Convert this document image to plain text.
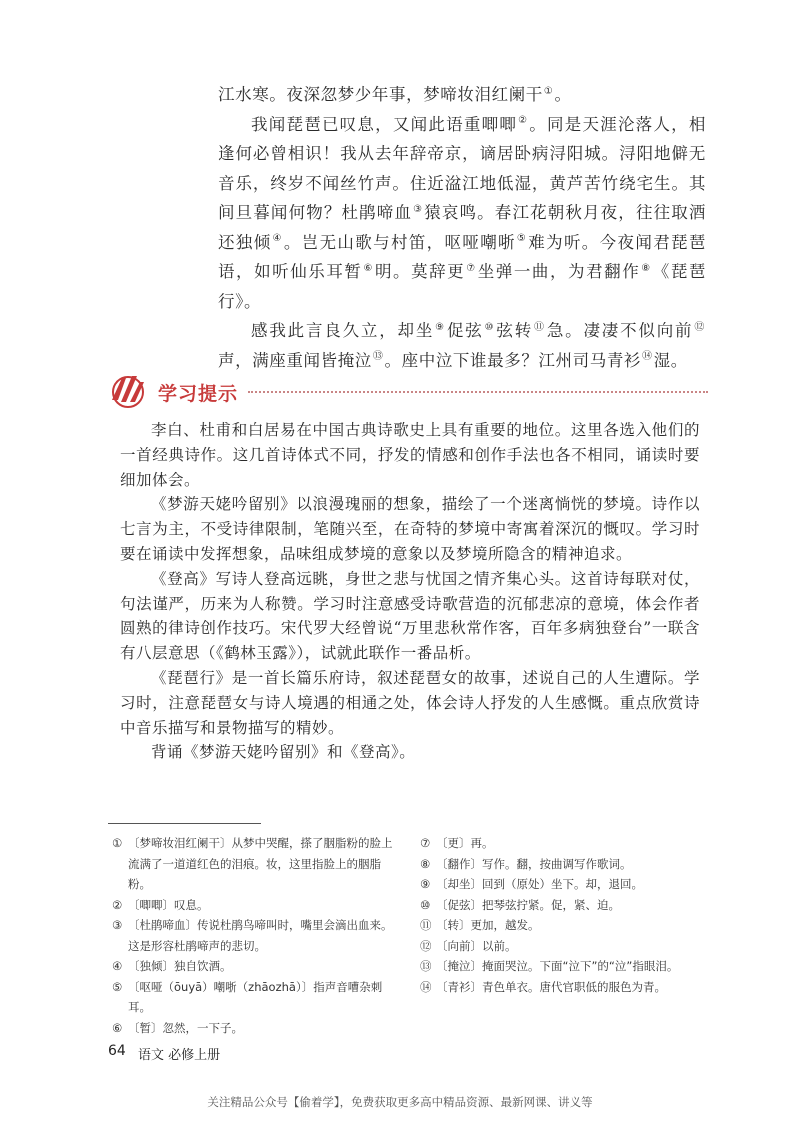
江水寒。夜深忽梦少年事，梦啼妆泪红阑干①。

我闻琵琶已叹息，又闻此语重唧唧②。同是天涯沦落人，相逢何必曾相识！我从去年辞帝京，谪居卧病浔阳城。浔阳地僻无音乐，终岁不闻丝竹声。住近湓江地低湿，黄芦苦竹绕宅生。其间旦暮闻何物？杜鹃啼血③猿哀鸣。春江花朝秋月夜，往往取酒还独倾④。岂无山歌与村笛，呕哑嘲哳⑤难为听。今夜闻君琵琶语，如听仙乐耳暂⑥明。莫辞更⑦坐弹一曲，为君翻作⑧《琵琶行》。

感我此言良久立，却坐⑨促弦⑩弦转⑪急。凄凄不似向前⑫声，满座重闻皆掩泣⑬。座中泣下谁最多？江州司马青衫⑭湿。

学习提示

李白、杜甫和白居易在中国古典诗歌史上具有重要的地位。这里各选入他们的一首经典诗作。这几首诗体式不同，抒发的情感和创作手法也各不相同，诵读时要细加体会。

《梦游天姥吟留别》以浪漫瑰丽的想象，描绘了一个迷离惝恍的梦境。诗作以七言为主，不受诗律限制，笔随兴至，在奇特的梦境中寄寓着深沉的慨叹。学习时要在诵读中发挥想象，品味组成梦境的意象以及梦境所隐含的精神追求。

《登高》写诗人登高远眺，身世之悲与忧国之情齐集心头。这首诗每联对仗，句法谨严，历来为人称赞。学习时注意感受诗歌营造的沉郁悲凉的意境，体会作者圆熟的律诗创作技巧。宋代罗大经曾说“万里悲秋常作客，百年多病独登台”一联含有八层意思（《鹤林玉露》），试就此联作一番品析。

《琵琶行》是一首长篇乐府诗，叙述琵琶女的故事，述说自己的人生遭际。学习时，注意琵琶女与诗人境遇的相通之处，体会诗人抒发的人生感慨。重点欣赏诗中音乐描写和景物描写的精妙。

背诵《梦游天姥吟留别》和《登高》。

① 〔梦啼妆泪红阑干〕从梦中哭醒，搽了胭脂粉的脸上流满了一道道红色的泪痕。妆，这里指脸上的胭脂粉。
② 〔唧唧〕叹息。
③ 〔杜鹃啼血〕传说杜鹃鸟啼叫时，嘴里会滴出血来。这是形容杜鹃啼声的悲切。
④ 〔独倾〕独自饮酒。
⑤ 〔呕哑（ōuyā）嘲哳（zhāozhā）〕指声音嘈杂刺耳。
⑥ 〔暂〕忽然，一下子。
⑦ 〔更〕再。
⑧ 〔翻作〕写作。翻，按曲调写作歌词。
⑨ 〔却坐〕回到（原处）坐下。却，退回。
⑩ 〔促弦〕把琴弦拧紧。促，紧、迫。
⑪ 〔转〕更加，越发。
⑫ 〔向前〕以前。
⑬ 〔掩泣〕掩面哭泣。下面“泣下”的“泣”指眼泪。
⑭ 〔青衫〕青色单衣。唐代官职低的服色为青。
64 语文 必修上册
关注精品公众号【偷着学】，免费获取更多高中精品资源、最新网课、讲义等
